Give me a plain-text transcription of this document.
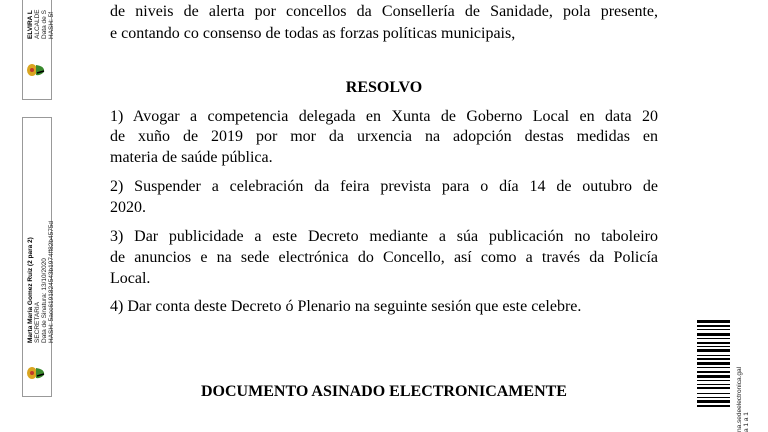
de niveis de alerta por concellos da Consellería de Sanidade, pola presente,
e contando co consenso de todas as forzas políticas municipais,
RESOLVO
1) Avogar a competencia delegada en Xunta de Goberno Local en data 20
de xuño de 2019 por mor da urxencia na adopción destas medidas en
materia de saúde pública.
2) Suspender a celebración da feira prevista para o día 14 de outubro de
2020.
3) Dar publicidade a este Decreto mediante a súa publicación no taboleiro
de anuncios e na sede electrónica do Concello, así como a través da Policía
Local.
4) Dar conta deste Decreto ó Plenario na seguinte sesión que este celebre.
DOCUMENTO ASINADO ELECTRONICAMENTE
ELVIRA L
ALCALDE
Data de S
HASH: 5f
Marta Maria Gomez Ruiz (2 para 2)
SECRETARIA
Data de Sinatura: 13/10/2020
HASH: 5acc6191824543b1974ff82b4575d
na.sedeelectronica.gal
a 1 a 1
